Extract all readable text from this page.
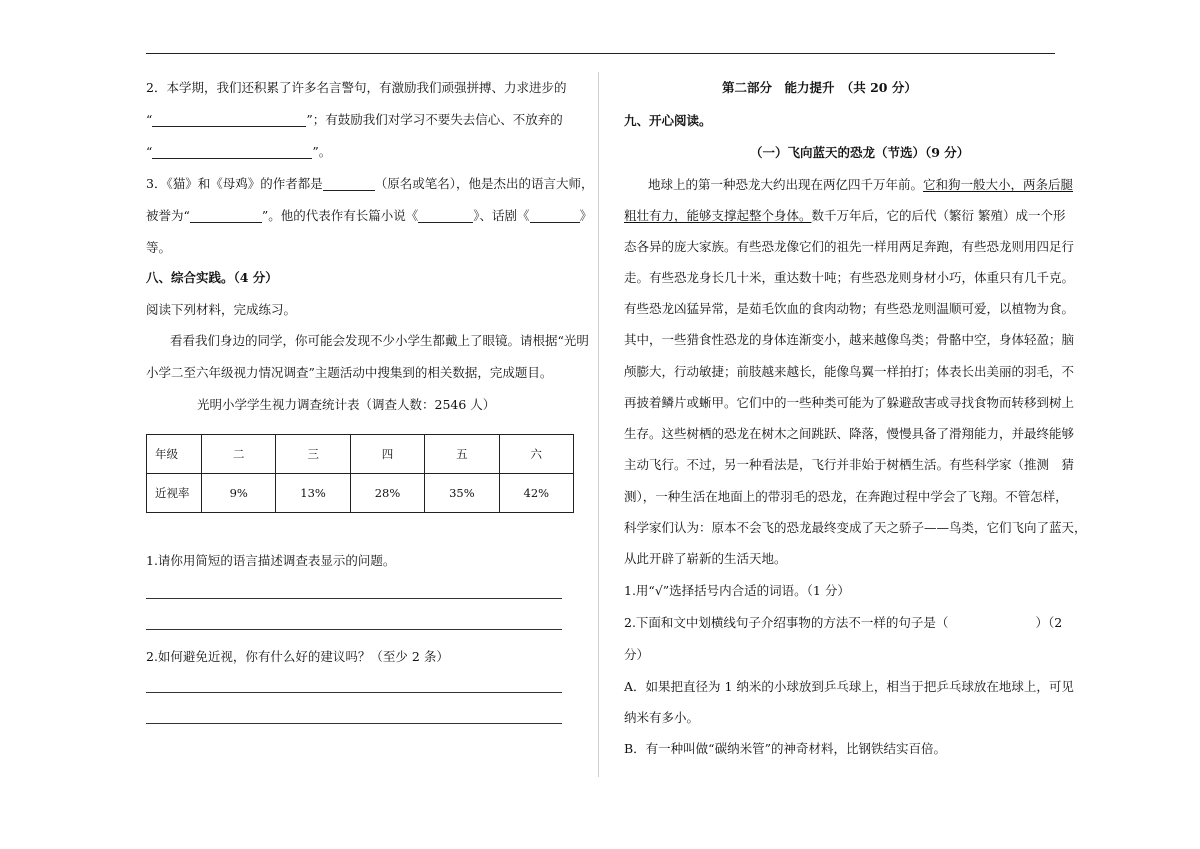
2．本学期，我们还积累了许多名言警句，有激励我们顽强拼搏、力求进步的
“	”；有鼓励我们对学习不要失去信心、不放弃的
“	”。
3．《猫》和《母鸡》的作者都是	（原名或笔名），他是杰出的语言大师，
被誉为“	”。他的代表作有长篇小说《	》、话剧《	》
等。
八、综合实践。（4 分）
阅读下列材料，完成练习。
看看我们身边的同学，你可能会发现不少小学生都戴上了眼镜。请根据“光明
小学二至六年级视力情况调查”主题活动中搜集到的相关数据，完成题目。
光明小学学生视力调查统计表（调查人数：2546 人）
年级	二	三	四	五	六
近视率	9%	13%	28%	35%	42%
1.请你用简短的语言描述调查表显示的问题。
2.如何避免近视，你有什么好的建议吗？（至少 2 条）
第二部分　能力提升　（共 20 分）
九、开心阅读。
（一）飞向蓝天的恐龙（节选）（9 分）
地球上的第一种恐龙大约出现在两亿四千万年前。它和狗一般大小，两条后腿
粗壮有力，能够支撑起整个身体。数千万年后，它的后代（繁衍 繁殖）成一个形
态各异的庞大家族。有些恐龙像它们的祖先一样用两足奔跑，有些恐龙则用四足行
走。有些恐龙身长几十米，重达数十吨；有些恐龙则身材小巧，体重只有几千克。
有些恐龙凶猛异常，是茹毛饮血的食肉动物；有些恐龙则温顺可爱，以植物为食。
其中，一些猎食性恐龙的身体连渐变小，越来越像鸟类；骨骼中空，身体轻盈；脑
颅膨大，行动敏捷；前肢越来越长，能像鸟翼一样拍打；体表长出美丽的羽毛，不
再披着鳞片或蜥甲。它们中的一些种类可能为了躲避敌害或寻找食物而转移到树上
生存。这些树栖的恐龙在树木之间跳跃、降落，慢慢具备了滑翔能力，并最终能够
主动飞行。不过，另一种看法是，飞行并非始于树栖生活。有些科学家（推测　猜
测），一种生活在地面上的带羽毛的恐龙，在奔跑过程中学会了飞翔。不管怎样，
科学家们认为：原本不会飞的恐龙最终变成了天之骄子——鸟类，它们飞向了蓝天，
从此开辟了崭新的生活天地。
1.用“√”选择括号内合适的词语。（1 分）
2.下面和文中划横线句子介绍事物的方法不一样的句子是（	）（2
分）
A．如果把直径为 1 纳米的小球放到乒乓球上，相当于把乒乓球放在地球上，可见
纳米有多小。
B．有一种叫做“碳纳米管”的神奇材料，比钢铁结实百倍。
